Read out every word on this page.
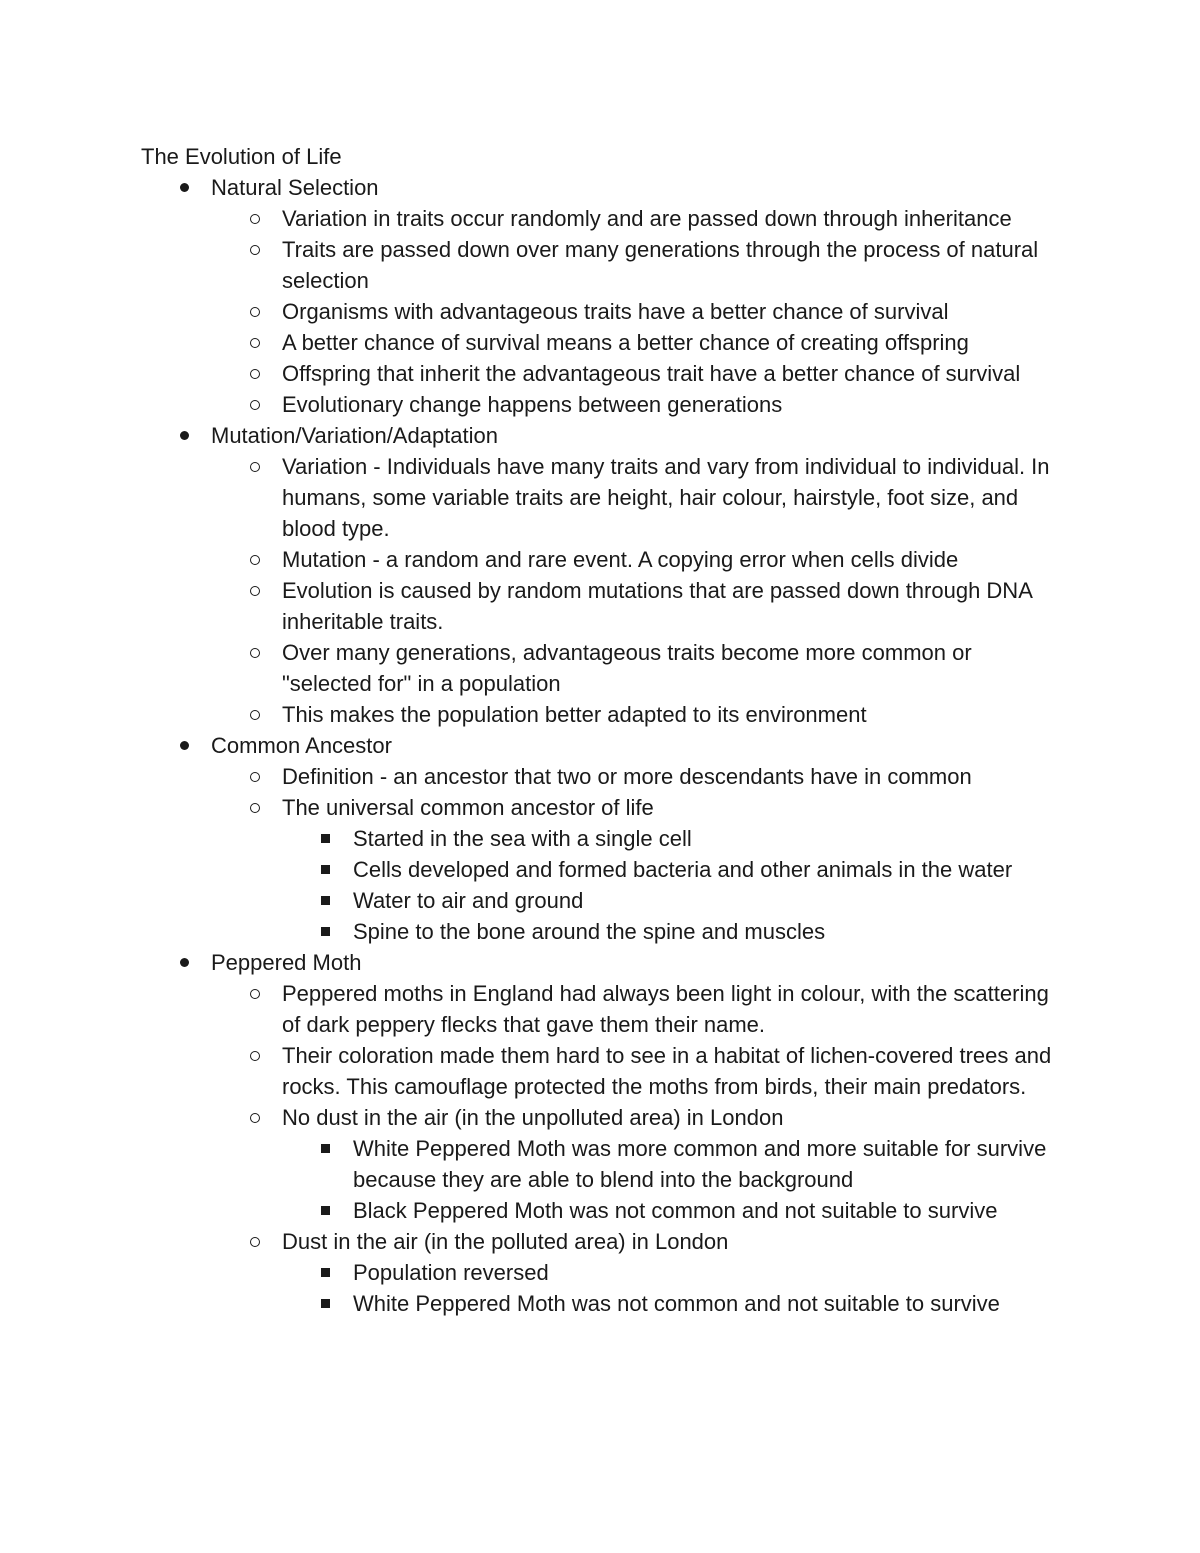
The Evolution of Life
Natural Selection
Variation in traits occur randomly and are passed down through inheritance
Traits are passed down over many generations through the process of natural selection
Organisms with advantageous traits have a better chance of survival
A better chance of survival means a better chance of creating offspring
Offspring that inherit the advantageous trait have a better chance of survival
Evolutionary change happens between generations
Mutation/Variation/Adaptation
Variation - Individuals have many traits and vary from individual to individual. In humans, some variable traits are height, hair colour, hairstyle, foot size, and blood type.
Mutation - a random and rare event. A copying error when cells divide
Evolution is caused by random mutations that are passed down through DNA inheritable traits.
Over many generations, advantageous traits become more common or "selected for" in a population
This makes the population better adapted to its environment
Common Ancestor
Definition - an ancestor that two or more descendants have in common
The universal common ancestor of life
Started in the sea with a single cell
Cells developed and formed bacteria and other animals in the water
Water to air and ground
Spine to the bone around the spine and muscles
Peppered Moth
Peppered moths in England had always been light in colour, with the scattering of dark peppery flecks that gave them their name.
Their coloration made them hard to see in a habitat of lichen-covered trees and rocks. This camouflage protected the moths from birds, their main predators.
No dust in the air (in the unpolluted area) in London
White Peppered Moth was more common and more suitable for survive because they are able to blend into the background
Black Peppered Moth was not common and not suitable to survive
Dust in the air (in the polluted area) in London
Population reversed
White Peppered Moth was not common and not suitable to survive
